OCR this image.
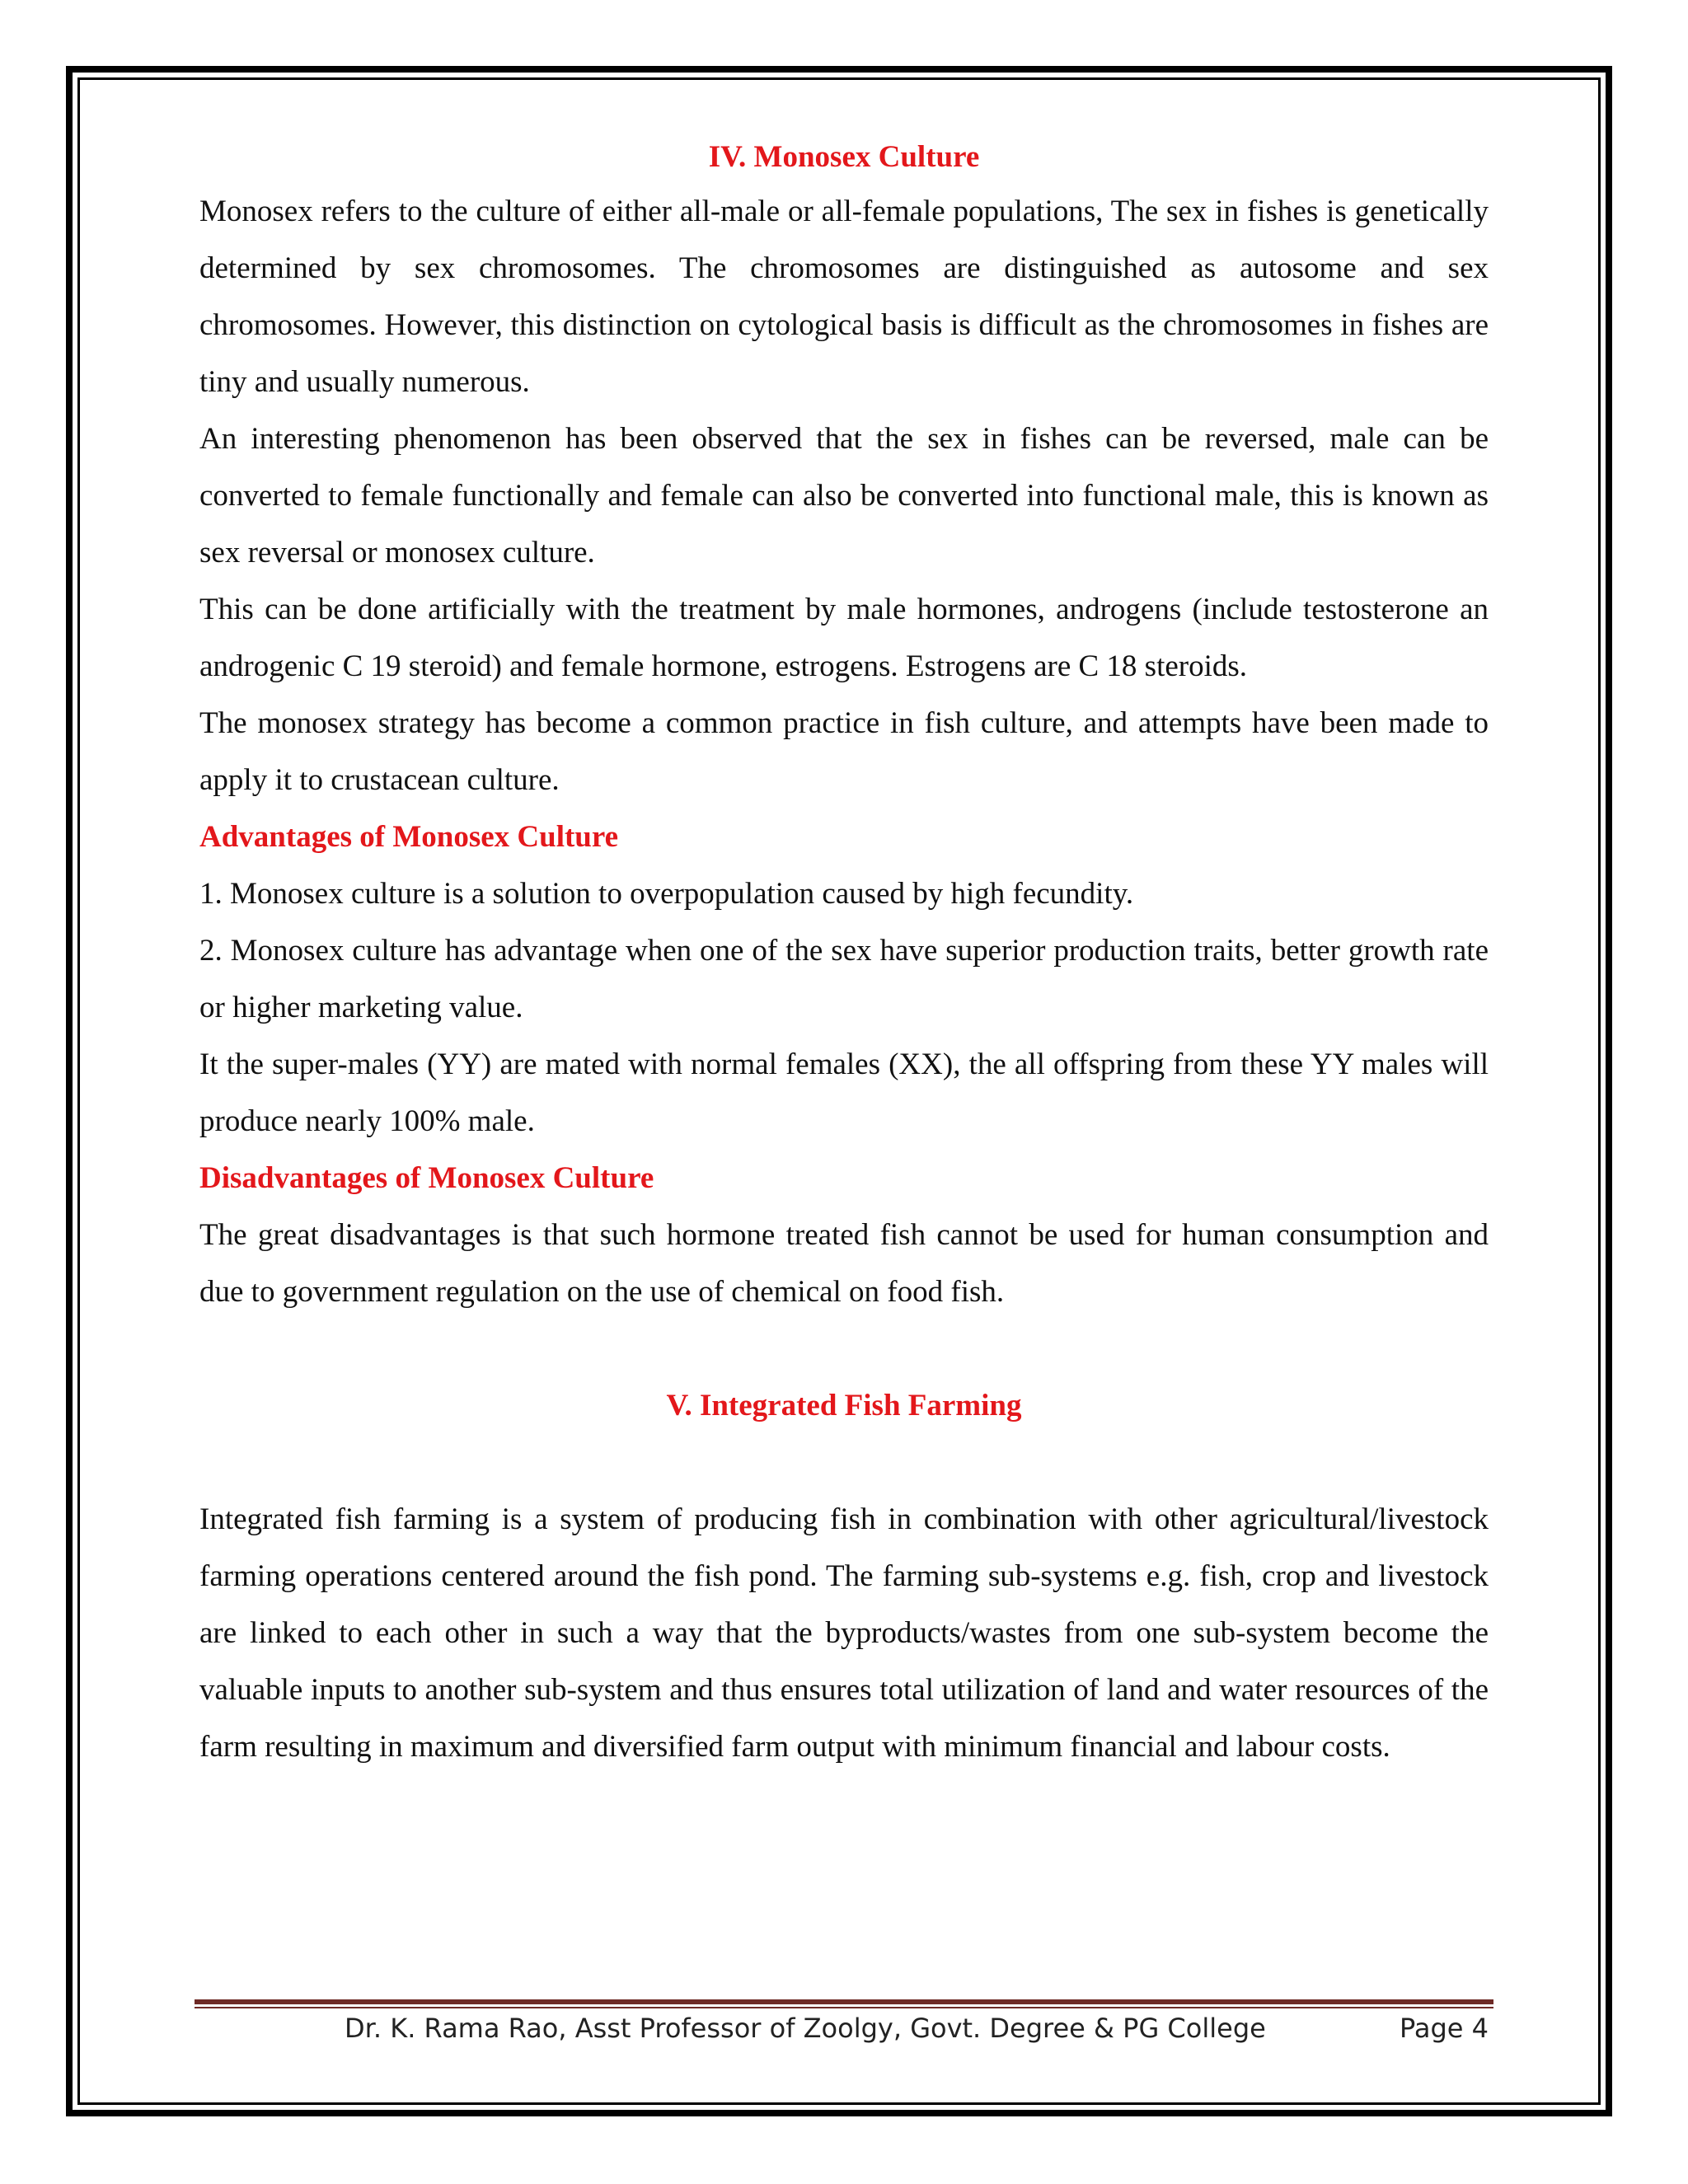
IV. Monosex Culture

Monosex refers to the culture of either all-male or all-female populations, The sex in fishes is genetically determined by sex chromosomes. The chromosomes are distinguished as autosome and sex chromosomes. However, this distinction on cytological basis is difficult as the chromosomes in fishes are tiny and usually numerous.

An interesting phenomenon has been observed that the sex in fishes can be reversed, male can be converted to female functionally and female can also be converted into functional male, this is known as sex reversal or monosex culture.

This can be done artificially with the treatment by male hormones, androgens (include testosterone an androgenic C 19 steroid) and female hormone, estrogens. Estrogens are C 18 steroids.

The monosex strategy has become a common practice in fish culture, and attempts have been made to apply it to crustacean culture.

Advantages of Monosex Culture

1. Monosex culture is a solution to overpopulation caused by high fecundity.

2. Monosex culture has advantage when one of the sex have superior production traits, better growth rate or higher marketing value.

It the super-males (YY) are mated with normal females (XX), the all offspring from these YY males will produce nearly 100% male.

Disadvantages of Monosex Culture

The great disadvantages is that such hormone treated fish cannot be used for human consumption and due to government regulation on the use of chemical on food fish.

V. Integrated Fish Farming

Integrated fish farming is a system of producing fish in combination with other agricultural/livestock farming operations centered around the fish pond. The farming sub-systems e.g. fish, crop and livestock are linked to each other in such a way that the byproducts/wastes from one sub-system become the valuable inputs to another sub-system and thus ensures total utilization of land and water resources of the farm resulting in maximum and diversified farm output with minimum financial and labour costs.

Dr. K. Rama Rao, Asst Professor of Zoolgy, Govt. Degree & PG College	Page 4
